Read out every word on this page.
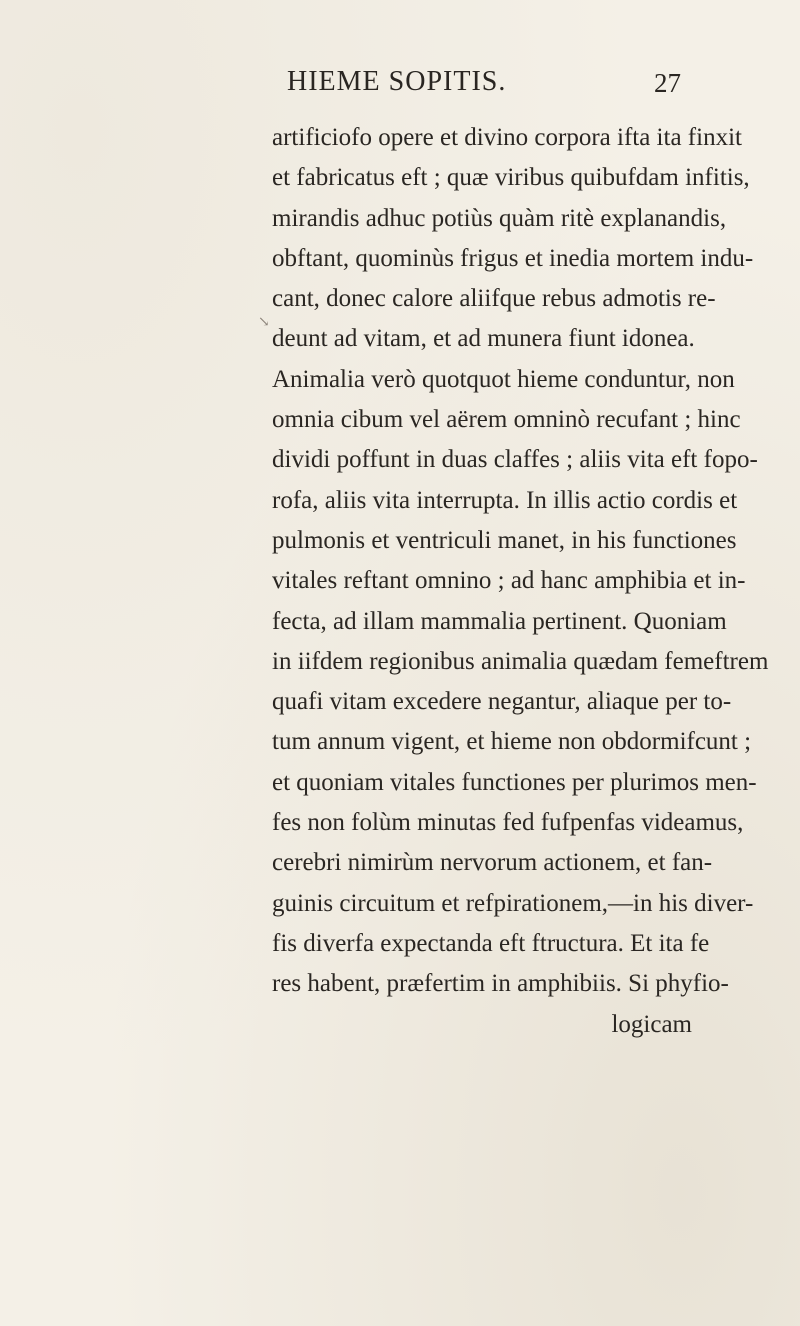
HIEME SOPITIS.	27
artificiofo opere et divino corpora ifta ita finxit
et fabricatus eft ; quæ viribus quibufdam infitis,
mirandis adhuc potiùs quàm ritè explanandis,
obftant, quominùs frigus et inedia mortem indu-
cant, donec calore aliifque rebus admotis re-
deunt ad vitam, et ad munera fiunt idonea.
Animalia verò quotquot hieme conduntur, non
omnia cibum vel aërem omninò recufant ; hinc
dividi poffunt in duas claffes ; aliis vita eft fopo-
rofa, aliis vita interrupta. In illis actio cordis et
pulmonis et ventriculi manet, in his functiones
vitales reftant omnino ; ad hanc amphibia et in-
fecta, ad illam mammalia pertinent. Quoniam
in iifdem regionibus animalia quædam femeftrem
quafi vitam excedere negantur, aliaque per to-
tum annum vigent, et hieme non obdormifcunt ;
et quoniam vitales functiones per plurimos men-
fes non folùm minutas fed fufpenfas videamus,
cerebri nimirùm nervorum actionem, et fan-
guinis circuitum et refpirationem,—in his diver-
fis diverfa expectanda eft ftructura. Et ita fe
res habent, præfertim in amphibiis. Si phyfio-
logicam
↘
